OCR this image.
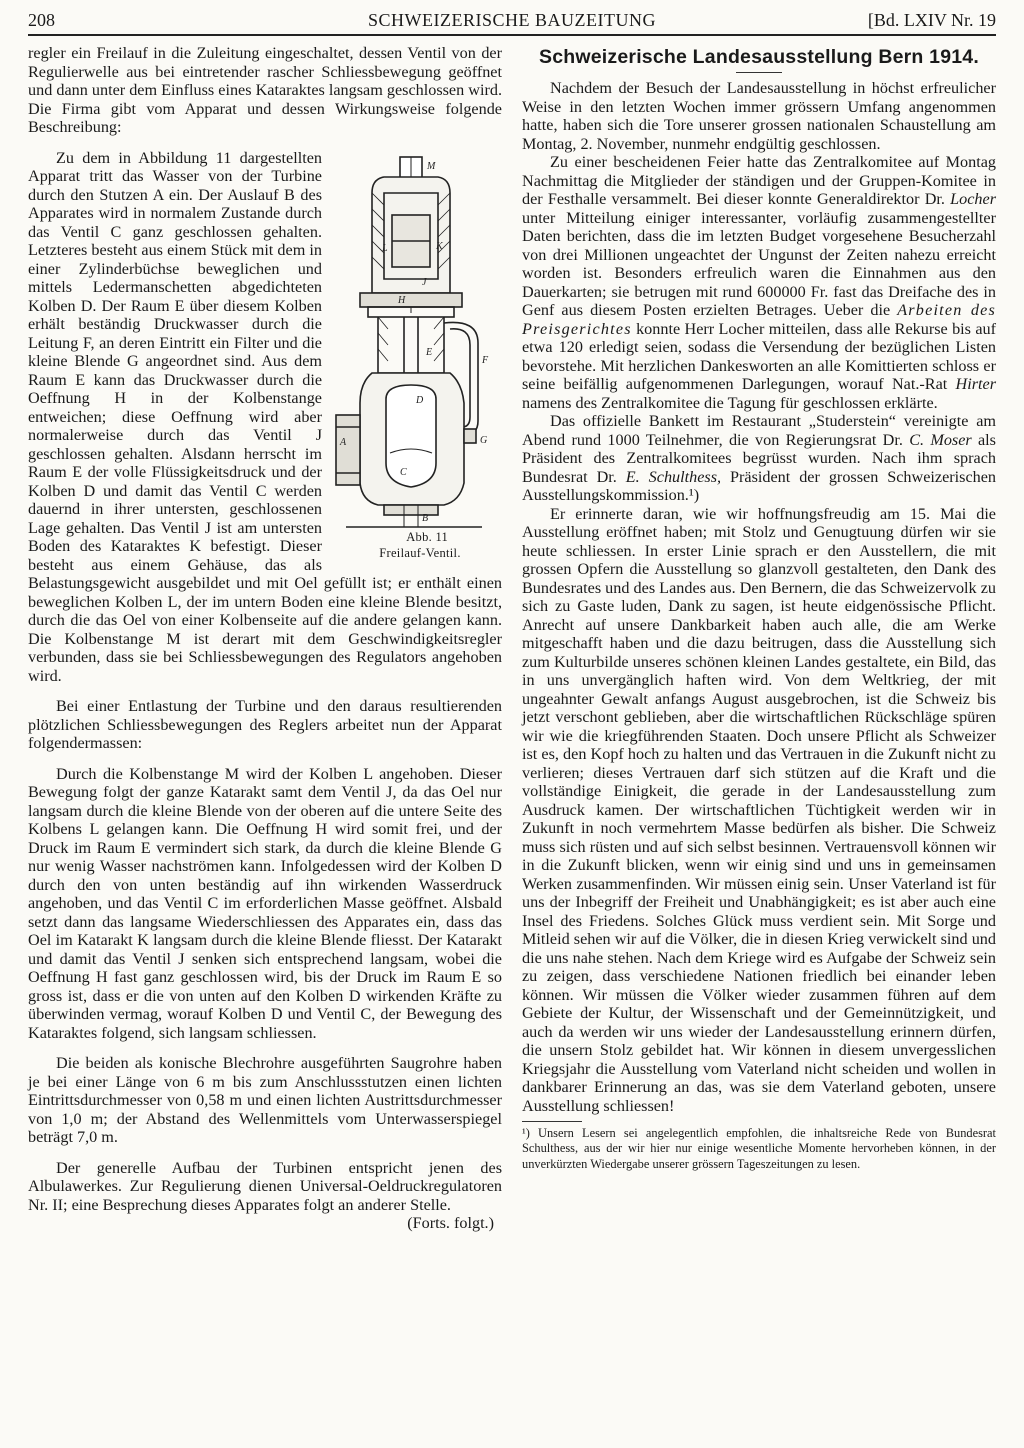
208	SCHWEIZERISCHE BAUZEITUNG	[Bd. LXIV Nr. 19

regler ein Freilauf in die Zuleitung eingeschaltet, dessen Ventil von der Regulierwelle aus bei eintretender rascher Schliessbewegung geöffnet und dann unter dem Einfluss eines Kataraktes langsam geschlossen wird. Die Firma gibt vom Apparat und dessen Wirkungsweise folgende Beschreibung:

M
L	K
J
H
E
F
D
A	G
C
B
Abb. 11     Freilauf-Ventil.
Zu dem in Abbildung 11 dargestellten Apparat tritt das Wasser von der Turbine durch den Stutzen A ein. Der Auslauf B des Apparates wird in normalem Zustande durch das Ventil C ganz geschlossen gehalten. Letzteres besteht aus einem Stück mit dem in einer Zylinderbüchse beweglichen und mittels Ledermanschetten abgedichteten Kolben D. Der Raum E über diesem Kolben erhält beständig Druckwasser durch die Leitung F, an deren Eintritt ein Filter und die kleine Blende G angeordnet sind. Aus dem Raum E kann das Druckwasser durch die Oeffnung H in der Kolbenstange entweichen; diese Oeffnung wird aber normalerweise durch das Ventil J geschlossen gehalten. Alsdann herrscht im Raum E der volle Flüssigkeitsdruck und der Kolben D und damit das Ventil C werden dauernd in ihrer untersten, geschlossenen Lage gehalten. Das Ventil J ist am untersten Boden des Kataraktes K befestigt. Dieser besteht aus einem Gehäuse, das als Belastungsgewicht ausgebildet und mit Oel gefüllt ist; er enthält einen beweglichen Kolben L, der im untern Boden eine kleine Blende besitzt, durch die das Oel von einer Kolbenseite auf die andere gelangen kann. Die Kolbenstange M ist derart mit dem Geschwindigkeitsregler verbunden, dass sie bei Schliessbewegungen des Regulators angehoben wird.

Bei einer Entlastung der Turbine und den daraus resultierenden plötzlichen Schliessbewegungen des Reglers arbeitet nun der Apparat folgendermassen:

Durch die Kolbenstange M wird der Kolben L angehoben. Dieser Bewegung folgt der ganze Katarakt samt dem Ventil J, da das Oel nur langsam durch die kleine Blende von der oberen auf die untere Seite des Kolbens L gelangen kann. Die Oeffnung H wird somit frei, und der Druck im Raum E vermindert sich stark, da durch die kleine Blende G nur wenig Wasser nachströmen kann. Infolgedessen wird der Kolben D durch den von unten beständig auf ihn wirkenden Wasserdruck angehoben, und das Ventil C im erforderlichen Masse geöffnet. Alsbald setzt dann das langsame Wiederschliessen des Apparates ein, dass das Oel im Katarakt K langsam durch die kleine Blende fliesst. Der Katarakt und damit das Ventil J senken sich entsprechend langsam, wobei die Oeffnung H fast ganz geschlossen wird, bis der Druck im Raum E so gross ist, dass er die von unten auf den Kolben D wirkenden Kräfte zu überwinden vermag, worauf Kolben D und Ventil C, der Bewegung des Kataraktes folgend, sich langsam schliessen.

Die beiden als konische Blechrohre ausgeführten Saugrohre haben je bei einer Länge von 6 m bis zum Anschlussstutzen einen lichten Eintrittsdurchmesser von 0,58 m und einen lichten Austrittsdurchmesser von 1,0 m; der Abstand des Wellenmittels vom Unterwasserspiegel beträgt 7,0 m.

Der generelle Aufbau der Turbinen entspricht jenen des Albulawerkes. Zur Regulierung dienen Universal-Oeldruckregulatoren Nr. II; eine Besprechung dieses Apparates folgt an anderer Stelle.

(Forts. folgt.)

Schweizerische Landesausstellung Bern 1914.

Nachdem der Besuch der Landesausstellung in höchst erfreulicher Weise in den letzten Wochen immer grössern Umfang angenommen hatte, haben sich die Tore unserer grossen nationalen Schaustellung am Montag, 2. November, nunmehr endgültig geschlossen.

Zu einer bescheidenen Feier hatte das Zentralkomitee auf Montag Nachmittag die Mitglieder der ständigen und der Gruppen-Komitee in der Festhalle versammelt. Bei dieser konnte Generaldirektor Dr. Locher unter Mitteilung einiger interessanter, vorläufig zusammengestellter Daten berichten, dass die im letzten Budget vorgesehene Besucherzahl von drei Millionen ungeachtet der Ungunst der Zeiten nahezu erreicht worden ist. Besonders erfreulich waren die Einnahmen aus den Dauerkarten; sie betrugen mit rund 600000 Fr. fast das Dreifache des in Genf aus diesem Posten erzielten Betrages. Ueber die Arbeiten des Preisgerichtes konnte Herr Locher mitteilen, dass alle Rekurse bis auf etwa 120 erledigt seien, sodass die Versendung der bezüglichen Listen bevorstehe. Mit herzlichen Dankesworten an alle Komittierten schloss er seine beifällig aufgenommenen Darlegungen, worauf Nat.-Rat Hirter namens des Zentralkomitee die Tagung für geschlossen erklärte.

Das offizielle Bankett im Restaurant „Studerstein“ vereinigte am Abend rund 1000 Teilnehmer, die von Regierungsrat Dr. C. Moser als Präsident des Zentralkomitees begrüsst wurden. Nach ihm sprach Bundesrat Dr. E. Schulthess, Präsident der grossen Schweizerischen Ausstellungskommission.¹)

Er erinnerte daran, wie wir hoffnungsfreudig am 15. Mai die Ausstellung eröffnet haben; mit Stolz und Genugtuung dürfen wir sie heute schliessen. In erster Linie sprach er den Ausstellern, die mit grossen Opfern die Ausstellung so glanzvoll gestalteten, den Dank des Bundesrates und des Landes aus. Den Bernern, die das Schweizervolk zu sich zu Gaste luden, Dank zu sagen, ist heute eidgenössische Pflicht. Anrecht auf unsere Dankbarkeit haben auch alle, die am Werke mitgeschafft haben und die dazu beitrugen, dass die Ausstellung sich zum Kulturbilde unseres schönen kleinen Landes gestaltete, ein Bild, das in uns unvergänglich haften wird. Von dem Weltkrieg, der mit ungeahnter Gewalt anfangs August ausgebrochen, ist die Schweiz bis jetzt verschont geblieben, aber die wirtschaftlichen Rückschläge spüren wir wie die kriegführenden Staaten. Doch unsere Pflicht als Schweizer ist es, den Kopf hoch zu halten und das Vertrauen in die Zukunft nicht zu verlieren; dieses Vertrauen darf sich stützen auf die Kraft und die vollständige Einigkeit, die gerade in der Landesausstellung zum Ausdruck kamen. Der wirtschaftlichen Tüchtigkeit werden wir in Zukunft in noch vermehrtem Masse bedürfen als bisher. Die Schweiz muss sich rüsten und auf sich selbst besinnen. Vertrauensvoll können wir in die Zukunft blicken, wenn wir einig sind und uns in gemeinsamen Werken zusammenfinden. Wir müssen einig sein. Unser Vaterland ist für uns der Inbegriff der Freiheit und Unabhängigkeit; es ist aber auch eine Insel des Friedens. Solches Glück muss verdient sein. Mit Sorge und Mitleid sehen wir auf die Völker, die in diesen Krieg verwickelt sind und die uns nahe stehen. Nach dem Kriege wird es Aufgabe der Schweiz sein zu zeigen, dass verschiedene Nationen friedlich bei einander leben können. Wir müssen die Völker wieder zusammen führen auf dem Gebiete der Kultur, der Wissenschaft und der Gemeinnützigkeit, und auch da werden wir uns wieder der Landesausstellung erinnern dürfen, die unsern Stolz gebildet hat. Wir können in diesem unvergesslichen Kriegsjahr die Ausstellung vom Vaterland nicht scheiden und wollen in dankbarer Erinnerung an das, was sie dem Vaterland geboten, unsere Ausstellung schliessen!

¹) Unsern Lesern sei angelegentlich empfohlen, die inhaltsreiche Rede von Bundesrat Schulthess, aus der wir hier nur einige wesentliche Momente hervorheben können, in der unverkürzten Wiedergabe unserer grössern Tageszeitungen zu lesen.
